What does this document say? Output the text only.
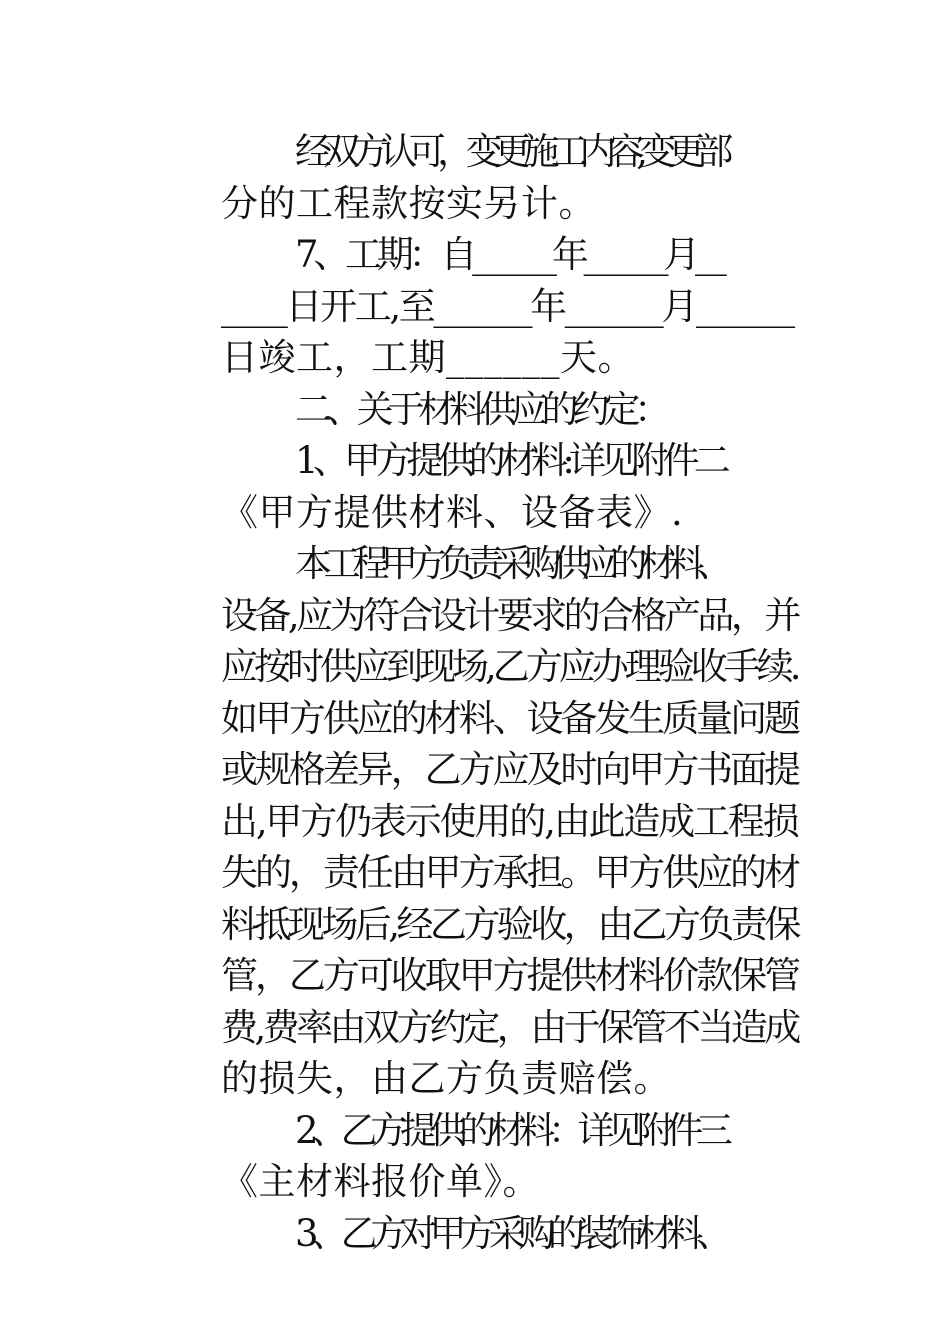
经双方认可，变更施工内容,变更部
分的工程款按实另计。

7、工期：自______年______月__
____日开工,至______年______月______
日竣工，工期______天。

二、关于材料供应的约定：

1、甲方提供的材料:详见附件二
《甲方提供材料、设备表》.

本工程甲方负责采购供应的材料、
设备,应为符合设计要求的合格产品，并
应按时供应到现场,乙方应办理验收手续.
如甲方供应的材料、设备发生质量问题
或规格差异，乙方应及时向甲方书面提
出,甲方仍表示使用的,由此造成工程损
失的，责任由甲方承担。甲方供应的材
料抵现场后,经乙方验收，由乙方负责保
管，乙方可收取甲方提供材料价款保管
费,费率由双方约定，由于保管不当造成
的损失，由乙方负责赔偿。

2、乙方提供的材料：详见附件三
《主材料报价单》。

3、乙方对甲方采购的装饰材料、
